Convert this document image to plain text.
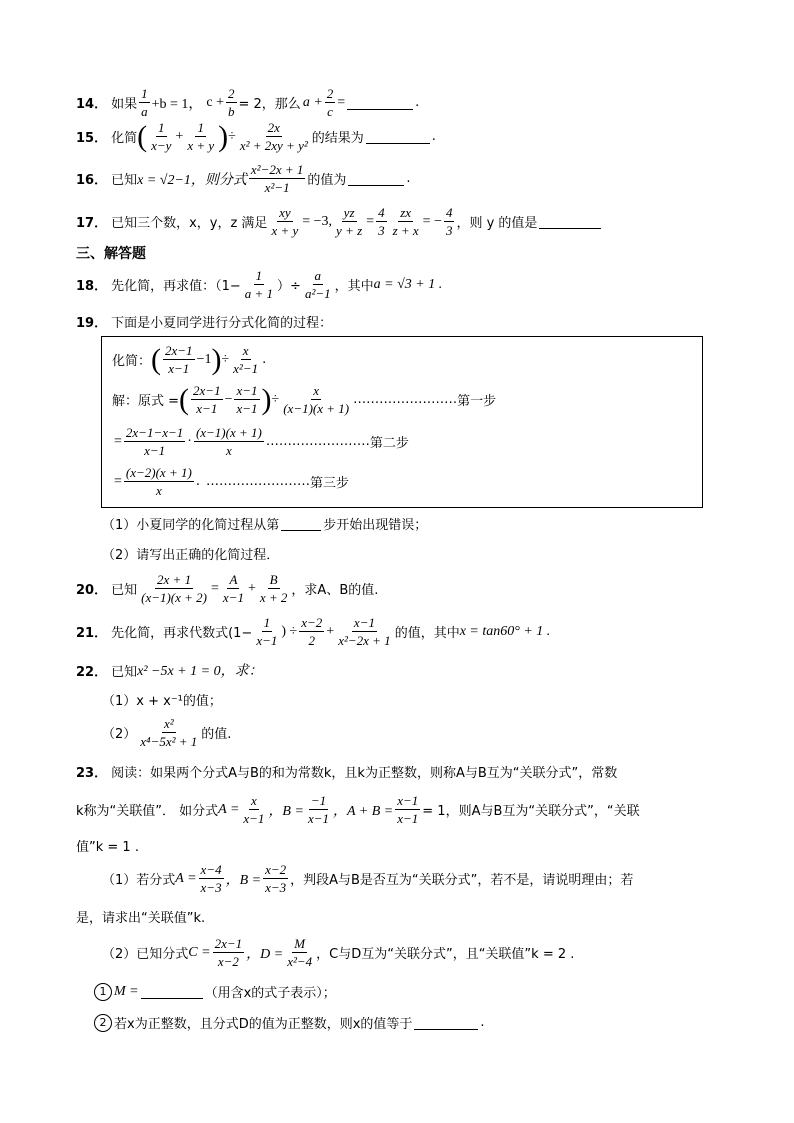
14． 如果 $\frac{1}{a} +b = 1$， $c + \frac{2}{b} = 2$，那么 $a + \frac{2}{c}$ =	.
15． 化简 ( $\frac{1}{x-y} + \frac{1}{x + y}$ ) ÷ $\frac{2x}{\text{x² + 2xy + y²}}$ 的结果为	.
16． 已知 x = √2−1，则分式 $\frac{\text{x²−2x + 1}}{\text{x²−1}}$ 的值为	.
17． 已知三个数，x，y，z 满足 $\frac{xy}{x + y} = -3$, $\frac{yz}{y + z} = \frac{4}{3} \frac{zx}{z + x}$ = − $\frac{4}{3}$ ，则 y 的值是
三、解答题
18． 先化简，再求值：（$1- \frac{1}{a + 1}$ ）÷ $\frac{a}{\text{a²−1}}$ ，其中 a = √3 + 1 .
19． 下面是小夏同学进行分式化简的过程：
化简： ( $\frac{2x-1}{x-1} -1$ ) ÷ $\frac{x}{\text{x²−1}}$ .
解：原式 = ( $\frac{2x-1}{x-1} - \frac{x-1}{x-1}$ ) ÷ $\frac{x}{(x-1)(x + 1)}$ …………………… 第一步
= $\frac{2x-1-x-1}{x-1} \cdot \frac{(x-1)(x + 1)}{x}$ …………………… 第二步
= $\frac{(x-2)(x + 1)}{x}$ . …………………… 第三步
（1）小夏同学的化简过程从第	步开始出现错误；
（2）请写出正确的化简过程．
20． 已知 $\frac{2x + 1}{(x-1)(x + 2)} = \frac{A}{x-1} + \frac{B}{x + 2}$ ，求A、B的值.
21． 先化简，再求代数式($1- \frac{1}{x-1}$ ) ÷ $\frac{x-2}{2} + \frac{x-1}{\text{x²−2x + 1}}$ 的值，其中 x = tan60° + 1 .
22． 已知 x² −5x + 1 = 0，求：
（1）x + x⁻¹的值；
$(2) \frac{\text{x²}}{\text{x⁴−5x² + 1}}$ 的值.
23． 阅读：如果两个分式A与B的和为常数k，且k为正整数，则称A与B互为“关联分式”，常数
k称为“关联值”． 如分式 $A = \frac{x}{x-1}$ ，$B = \frac{-1}{x-1}$ ，$A + B = \frac{x-1}{x-1} = 1$，则A与B互为“关联分式”，“关联
值”k = 1 .
（1）若分式 $A = \frac{x-4}{x-3}$ ，$B = \frac{x-2}{x-3}$ ，判段A与B是否互为“关联分式”，若不是，请说明理由；若
是，请求出“关联值”k.
（2）已知分式 $C = \frac{2x-1}{x-2}$ ，$D = \frac{M}{\text{x²−4}}$ ，C与D互为“关联分式”，且“关联值”k = 2 .
1 M =	（用含x的式子表示）；
2 若x为正整数，且分式D的值为正整数，则x的值等于	.
